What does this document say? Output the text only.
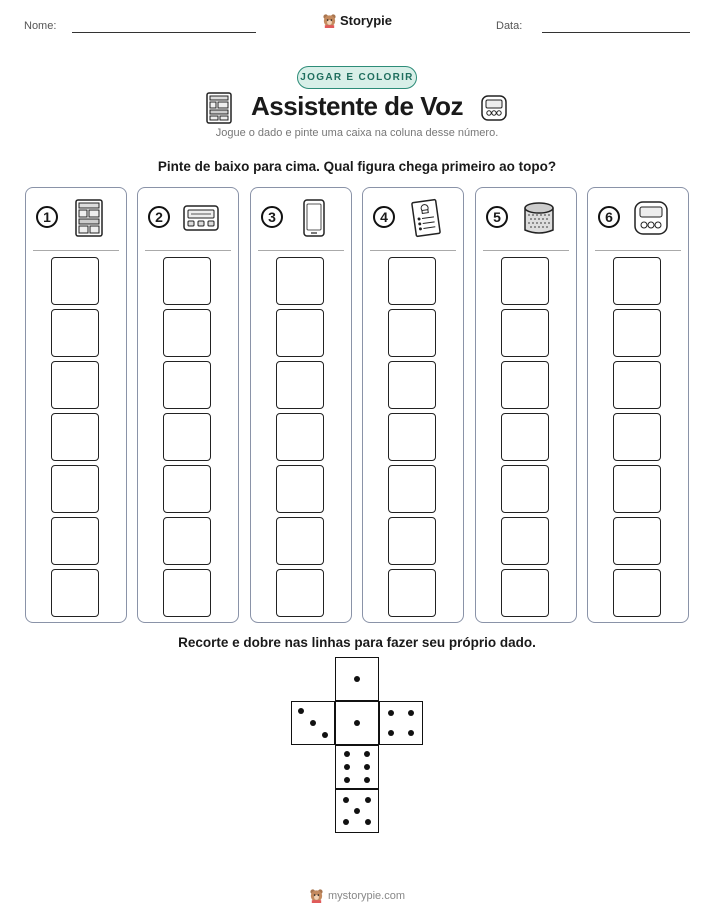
Nome:	Storypie	Data:
JOGAR E COLORIR
Assistente de Voz
Jogue o dado e pinte uma caixa na coluna desse número.
Pinte de baixo para cima. Qual figura chega primeiro ao topo?
1	2	3	4	5	6
Recorte e dobre nas linhas para fazer seu próprio dado.
mystorypie.com
